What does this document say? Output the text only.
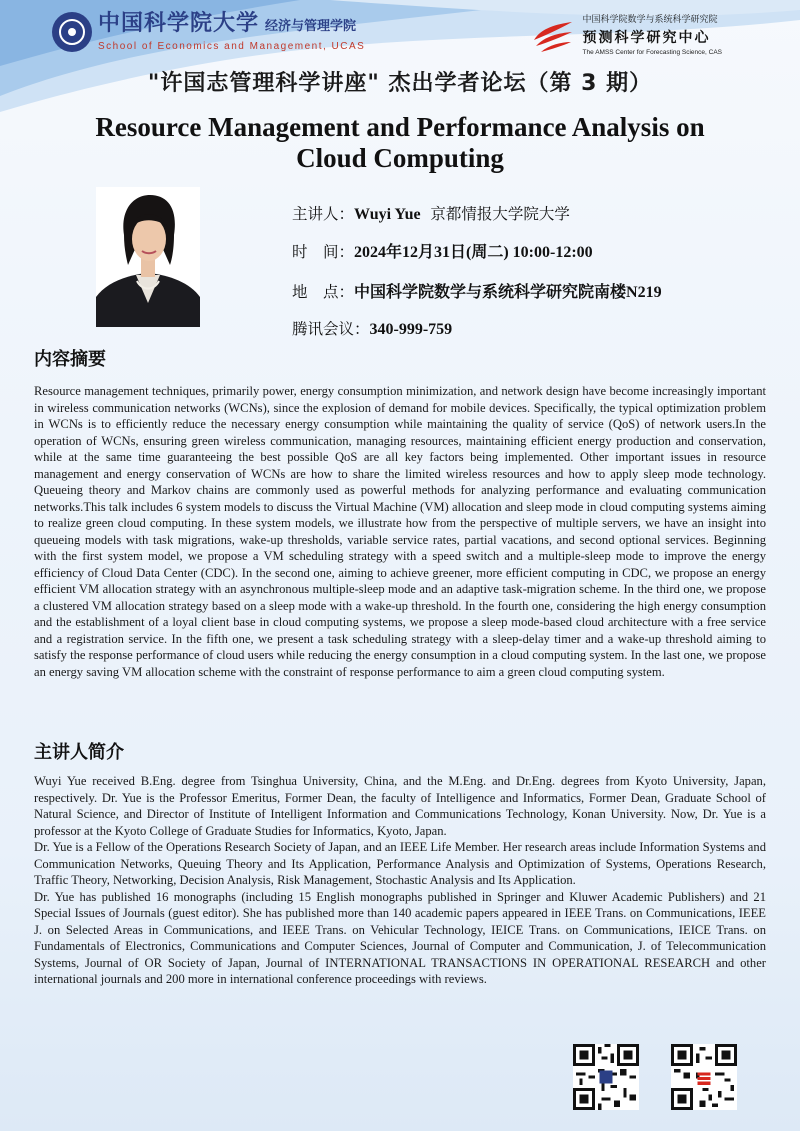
中国科学院大学 经济与管理学院
School of Economics and Management, UCAS
中国科学院数学与系统科学研究院
预测科学研究中心
The AMSS Center for Forecasting Science, CAS
"许国志管理科学讲座" 杰出学者论坛（第 3 期）
Resource Management and Performance Analysis on Cloud Computing
主讲人：Wuyi Yue 京都情报大学院大学
时　间：2024年12月31日(周二) 10:00-12:00
地　点：中国科学院数学与系统科学研究院南楼N219
腾讯会议：340-999-759
内容摘要

Resource management techniques, primarily power, energy consumption minimization, and network design have become increasingly important in wireless communication networks (WCNs), since the explosion of demand for mobile devices. Specifically, the typical optimization problem in WCNs is to efficiently reduce the necessary energy consumption while maintaining the quality of service (QoS) of network users.In the operation of WCNs, ensuring green wireless communication, managing resources, maintaining efficient energy production and conservation, while at the same time guaranteeing the best possible QoS are all key factors being implemented. Other important issues in resource management and energy conservation of WCNs are how to share the limited wireless resources and how to apply sleep mode technology. Queueing theory and Markov chains are commonly used as powerful methods for analyzing performance and evaluating communication networks.This talk includes 6 system models to discuss the Virtual Machine (VM) allocation and sleep mode in cloud computing systems aiming to realize green cloud computing. In these system models, we illustrate how from the perspective of multiple servers, we have an insight into queueing models with task migrations, wake-up thresholds, variable service rates, partial vacations, and second optional services. Beginning with the first system model, we propose a VM scheduling strategy with a speed switch and a multiple-sleep mode to improve the energy efficiency of Cloud Data Center (CDC). In the second one, aiming to achieve greener, more efficient computing in CDC, we propose an energy efficient VM allocation strategy with an asynchronous multiple-sleep mode and an adaptive task-migration scheme. In the third one, we propose a clustered VM allocation strategy based on a sleep mode with a wake-up threshold. In the fourth one, considering the high energy consumption and the establishment of a loyal client base in cloud computing systems, we propose a sleep mode-based cloud architecture with a free service and a registration service. In the fifth one, we present a task scheduling strategy with a sleep-delay timer and a wake-up threshold aiming to satisfy the response performance of cloud users while reducing the energy consumption in a cloud computing system. In the last one, we propose an energy saving VM allocation scheme with the constraint of response performance to aim a green cloud computing system.

主讲人简介

Wuyi Yue received B.Eng. degree from Tsinghua University, China, and the M.Eng. and Dr.Eng. degrees from Kyoto University, Japan, respectively. Dr. Yue is the Professor Emeritus, Former Dean, the faculty of Intelligence and Informatics, Former Dean, Graduate School of Natural Science, and Director of Institute of Intelligent Information and Communications Technology, Konan University. Now, Dr. Yue is a professor at the Kyoto College of Graduate Studies for Informatics, Kyoto, Japan.

Dr. Yue is a Fellow of the Operations Research Society of Japan, and an IEEE Life Member. Her research areas include Information Systems and Communication Networks, Queuing Theory and Its Application, Performance Analysis and Optimization of Systems, Operations Research, Traffic Theory, Networking, Decision Analysis, Risk Management, Stochastic Analysis and Its Application.

Dr. Yue has published 16 monographs (including 15 English monographs published in Springer and Kluwer Academic Publishers) and 21 Special Issues of Journals (guest editor). She has published more than 140 academic papers appeared in IEEE Trans. on Communications, IEEE J. on Selected Areas in Communications, and IEEE Trans. on Vehicular Technology, IEICE Trans. on Communications, IEICE Trans. on Fundamentals of Electronics, Communications and Computer Sciences, Journal of Computer and Communication, J. of Telecommunication Systems, Journal of OR Society of Japan, Journal of INTERNATIONAL TRANSACTIONS IN OPERATIONAL RESEARCH and other international journals and 200 more in international conference proceedings with reviews.
